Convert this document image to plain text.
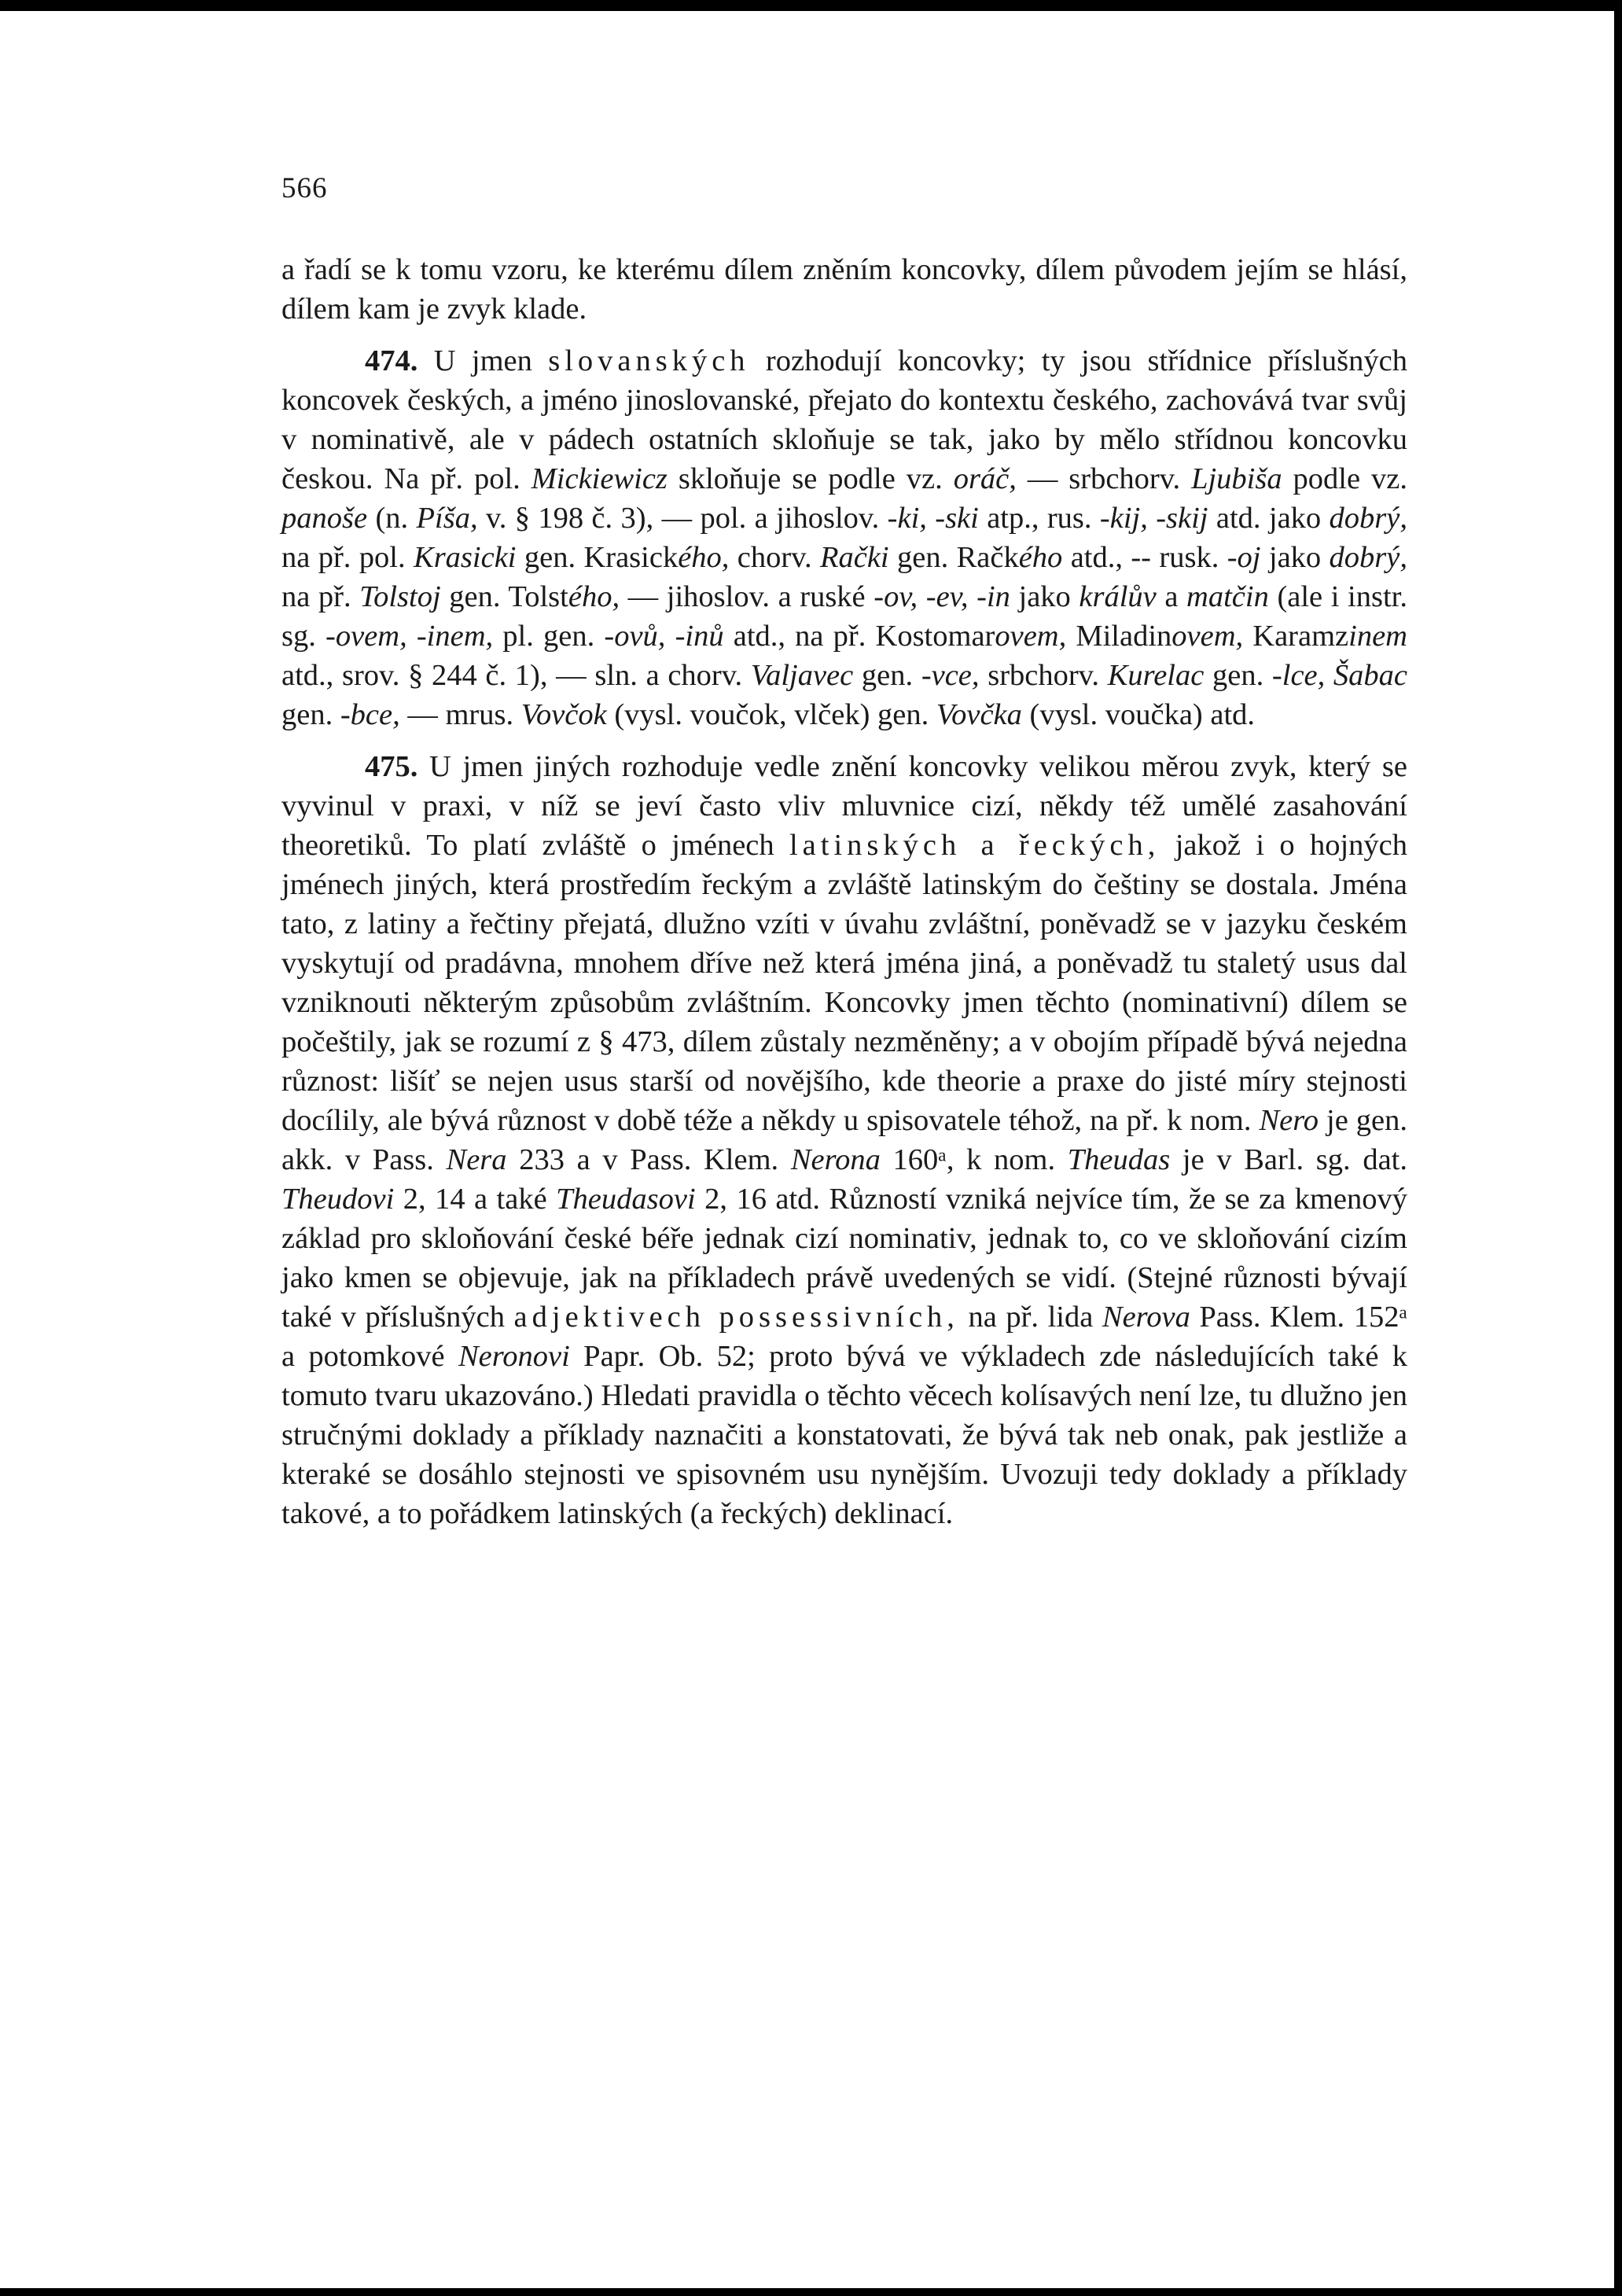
566

a řadí se k tomu vzoru, ke kterému dílem zněním koncovky, dílem původem jejím se hlásí, dílem kam je zvyk klade.

474. U jmen slovanských rozhodují koncovky; ty jsou střídnice příslušných koncovek českých, a jméno jinoslovanské, přejato do kontextu českého, zachovává tvar svůj v nominativě, ale v pádech ostatních skloňuje se tak, jako by mělo střídnou koncovku českou. Na př. pol. Mickiewicz skloňuje se podle vz. oráč, — srbchorv. Ljubiša podle vz. panoše (n. Píša, v. § 198 č. 3), — pol. a jihoslov. -ki, -ski atp., rus. -kij, -skij atd. jako dobrý, na př. pol. Krasicki gen. Krasického, chorv. Rački gen. Račkého atd., -- rusk. -oj jako dobrý, na př. Tolstoj gen. Tolstého, — jihoslov. a ruské -ov, -ev, -in jako králův a matčin (ale i instr. sg. -ovem, -inem, pl. gen. -ovů, -inů atd., na př. Kostomarovem, Miladinovem, Karamzinem atd., srov. § 244 č. 1), — sln. a chorv. Valjavec gen. -vce, srbchorv. Kurelac gen. -lce, Šabac gen. -bce, — mrus. Vovčok (vysl. voučok, vlček) gen. Vovčka (vysl. voučka) atd.

475. U jmen jiných rozhoduje vedle znění koncovky velikou měrou zvyk, který se vyvinul v praxi, v níž se jeví často vliv mluvnice cizí, někdy též umělé zasahování theoretiků. To platí zvláště o jménech latinských a řeckých, jakož i o hojných jménech jiných, která prostředím řeckým a zvláště latinským do češtiny se dostala. Jména tato, z latiny a řečtiny přejatá, dlužno vzíti v úvahu zvláštní, poněvadž se v jazyku českém vyskytují od pradávna, mnohem dříve než která jména jiná, a poněvadž tu staletý usus dal vzniknouti některým způsobům zvláštním. Koncovky jmen těchto (nominativní) dílem se počeštily, jak se rozumí z § 473, dílem zůstaly nezměněny; a v obojím případě bývá nejedna různost: lišíť se nejen usus starší od novějšího, kde theorie a praxe do jisté míry stejnosti docílily, ale bývá různost v době téže a někdy u spisovatele téhož, na př. k nom. Nero je gen. akk. v Pass. Nera 233 a v Pass. Klem. Nerona 160ᵃ, k nom. Theudas je v Barl. sg. dat. Theudovi 2, 14 a také Theudasovi 2, 16 atd. Růzností vzniká nejvíce tím, že se za kmenový základ pro skloňování české béře jednak cizí nominativ, jednak to, co ve skloňování cizím jako kmen se objevuje, jak na příkladech právě uvedených se vidí. (Stejné různosti bývají také v příslušných adjektivech possessivních, na př. lida Nerova Pass. Klem. 152ᵃ a potomkové Neronovi Papr. Ob. 52; proto bývá ve výkladech zde následujících také k tomuto tvaru ukazováno.) Hledati pravidla o těchto věcech kolísavých není lze, tu dlužno jen stručnými doklady a příklady naznačiti a konstatovati, že bývá tak neb onak, pak jestliže a kteraké se dosáhlo stejnosti ve spisovném usu nynějším. Uvozuji tedy doklady a příklady takové, a to pořádkem latinských (a řeckých) deklinací.
